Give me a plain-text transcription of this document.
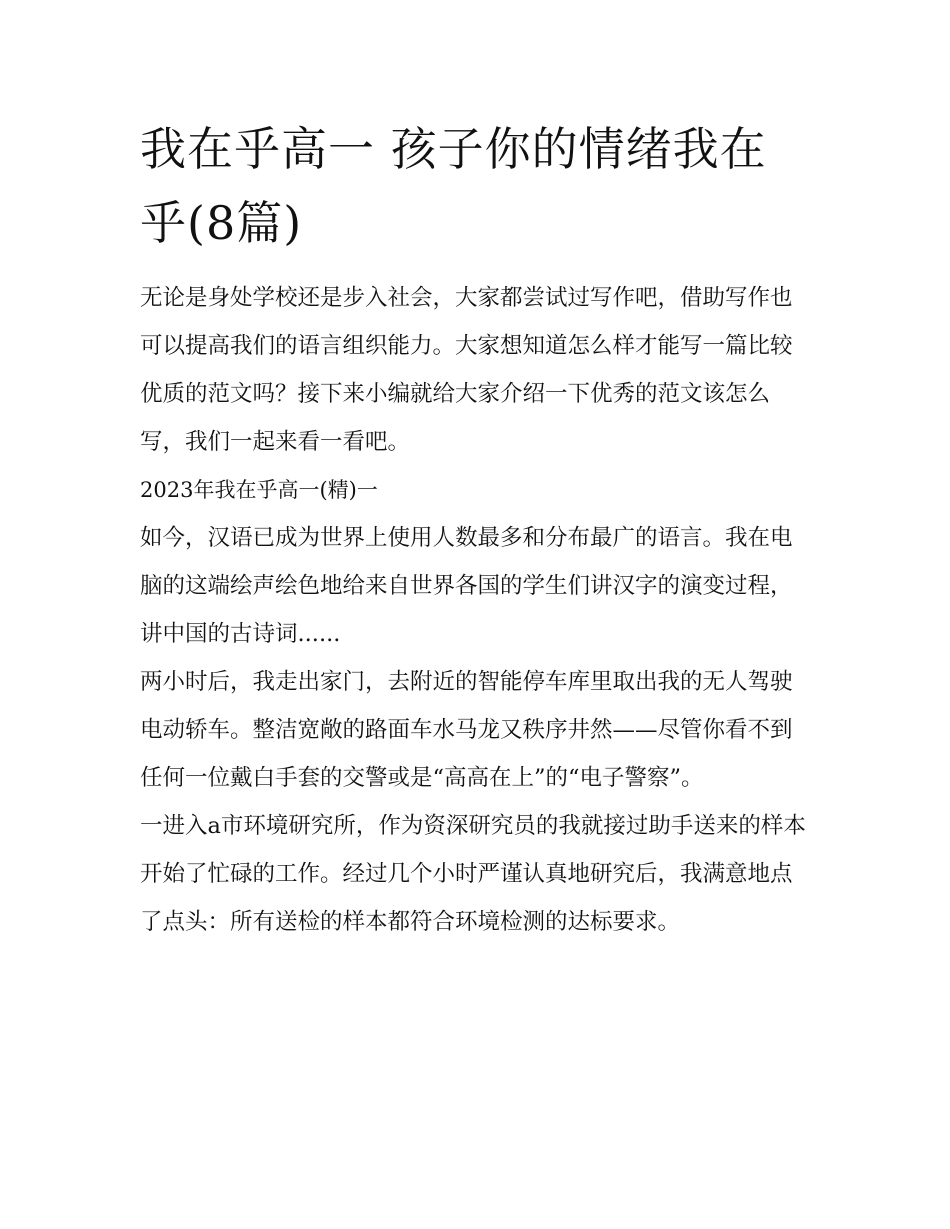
我在乎高一 孩子你的情绪我在乎(8篇)

无论是身处学校还是步入社会，大家都尝试过写作吧，借助写作也可以提高我们的语言组织能力。大家想知道怎么样才能写一篇比较优质的范文吗？接下来小编就给大家介绍一下优秀的范文该怎么写，我们一起来看一看吧。

2023年我在乎高一(精)一

如今，汉语已成为世界上使用人数最多和分布最广的语言。我在电脑的这端绘声绘色地给来自世界各国的学生们讲汉字的演变过程，讲中国的古诗词......

两小时后，我走出家门，去附近的智能停车库里取出我的无人驾驶电动轿车。整洁宽敞的路面车水马龙又秩序井然——尽管你看不到任何一位戴白手套的交警或是“高高在上”的“电子警察”。

一进入a市环境研究所，作为资深研究员的我就接过助手送来的样本开始了忙碌的工作。经过几个小时严谨认真地研究后，我满意地点了点头：所有送检的样本都符合环境检测的达标要求。
